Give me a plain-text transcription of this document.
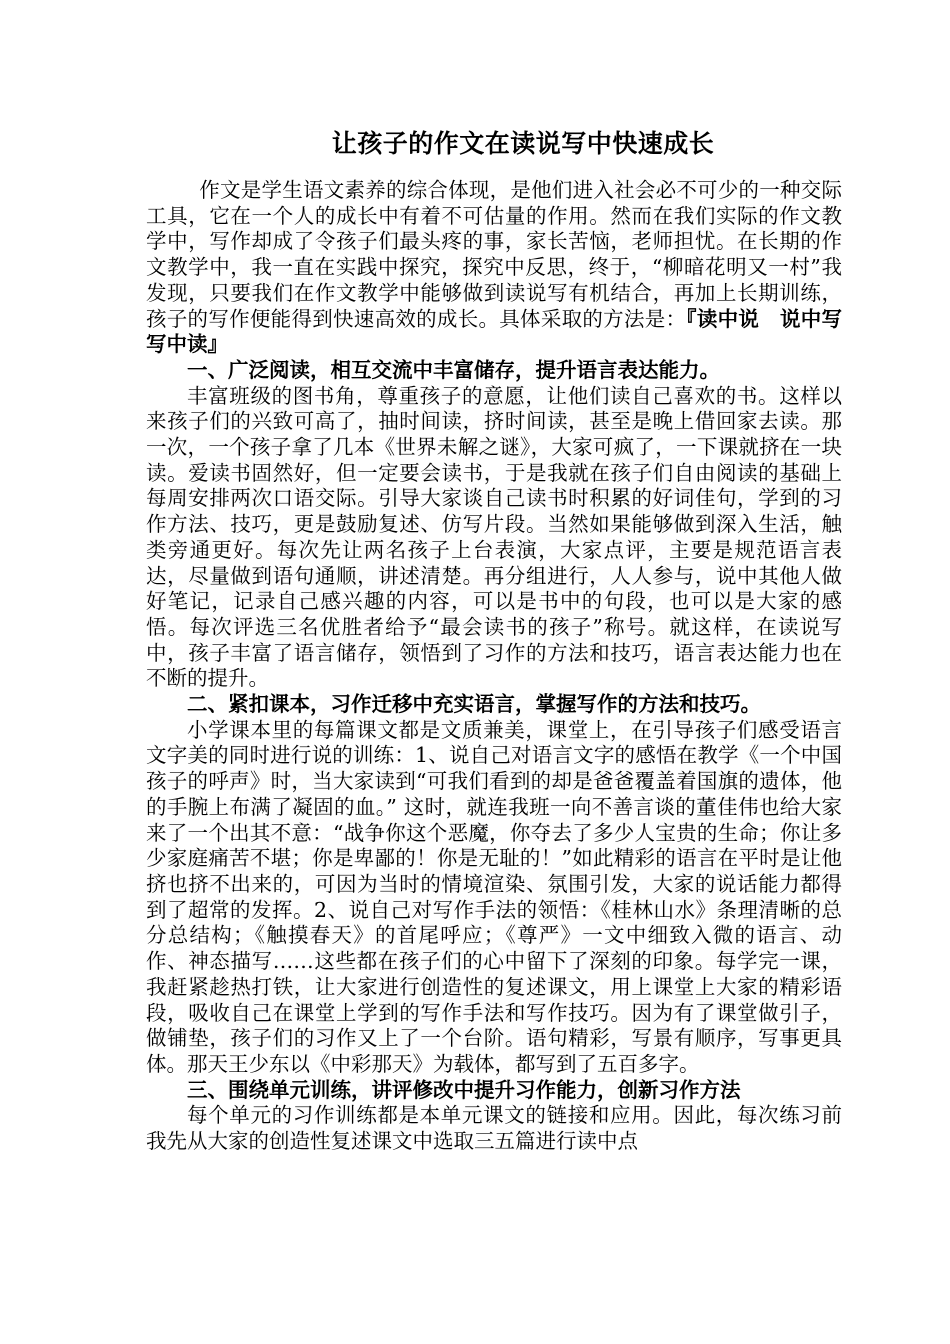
让孩子的作文在读说写中快速成长

作文是学生语文素养的综合体现，是他们进入社会必不可少的一种交际工具，它在一个人的成长中有着不可估量的作用。然而在我们实际的作文教学中，写作却成了令孩子们最头疼的事，家长苦恼，老师担忧。在长期的作文教学中，我一直在实践中探究，探究中反思，终于，“柳暗花明又一村”我发现，只要我们在作文教学中能够做到读说写有机结合，再加上长期训练，孩子的写作便能得到快速高效的成长。具体采取的方法是：『读中说　说中写　写中读』

一、广泛阅读，相互交流中丰富储存，提升语言表达能力。

丰富班级的图书角，尊重孩子的意愿，让他们读自己喜欢的书。这样以来孩子们的兴致可高了，抽时间读，挤时间读，甚至是晚上借回家去读。那一次，一个孩子拿了几本《世界未解之谜》，大家可疯了，一下课就挤在一块读。爱读书固然好，但一定要会读书，于是我就在孩子们自由阅读的基础上每周安排两次口语交际。引导大家谈自己读书时积累的好词佳句，学到的习作方法、技巧，更是鼓励复述、仿写片段。当然如果能够做到深入生活，触类旁通更好。每次先让两名孩子上台表演，大家点评，主要是规范语言表达，尽量做到语句通顺，讲述清楚。再分组进行，人人参与，说中其他人做好笔记，记录自己感兴趣的内容，可以是书中的句段，也可以是大家的感悟。每次评选三名优胜者给予“最会读书的孩子”称号。就这样，在读说写中，孩子丰富了语言储存，领悟到了习作的方法和技巧，语言表达能力也在不断的提升。

二、紧扣课本，习作迁移中充实语言，掌握写作的方法和技巧。

小学课本里的每篇课文都是文质兼美，课堂上，在引导孩子们感受语言文字美的同时进行说的训练：1、说自己对语言文字的感悟在教学《一个中国孩子的呼声》时，当大家读到“可我们看到的却是爸爸覆盖着国旗的遗体，他的手腕上布满了凝固的血。” 这时，就连我班一向不善言谈的董佳伟也给大家来了一个出其不意：“战争你这个恶魔，你夺去了多少人宝贵的生命；你让多少家庭痛苦不堪；你是卑鄙的！你是无耻的！”如此精彩的语言在平时是让他挤也挤不出来的，可因为当时的情境渲染、氛围引发，大家的说话能力都得到了超常的发挥。2、说自己对写作手法的领悟：《桂林山水》条理清晰的总分总结构；《触摸春天》的首尾呼应；《尊严》一文中细致入微的语言、动作、神态描写……这些都在孩子们的心中留下了深刻的印象。每学完一课，我赶紧趁热打铁，让大家进行创造性的复述课文，用上课堂上大家的精彩语段，吸收自己在课堂上学到的写作手法和写作技巧。因为有了课堂做引子，做铺垫，孩子们的习作又上了一个台阶。语句精彩，写景有顺序，写事更具体。那天王少东以《中彩那天》为载体，都写到了五百多字。

三、围绕单元训练，讲评修改中提升习作能力，创新习作方法

每个单元的习作训练都是本单元课文的链接和应用。因此，每次练习前我先从大家的创造性复述课文中选取三五篇进行读中点
